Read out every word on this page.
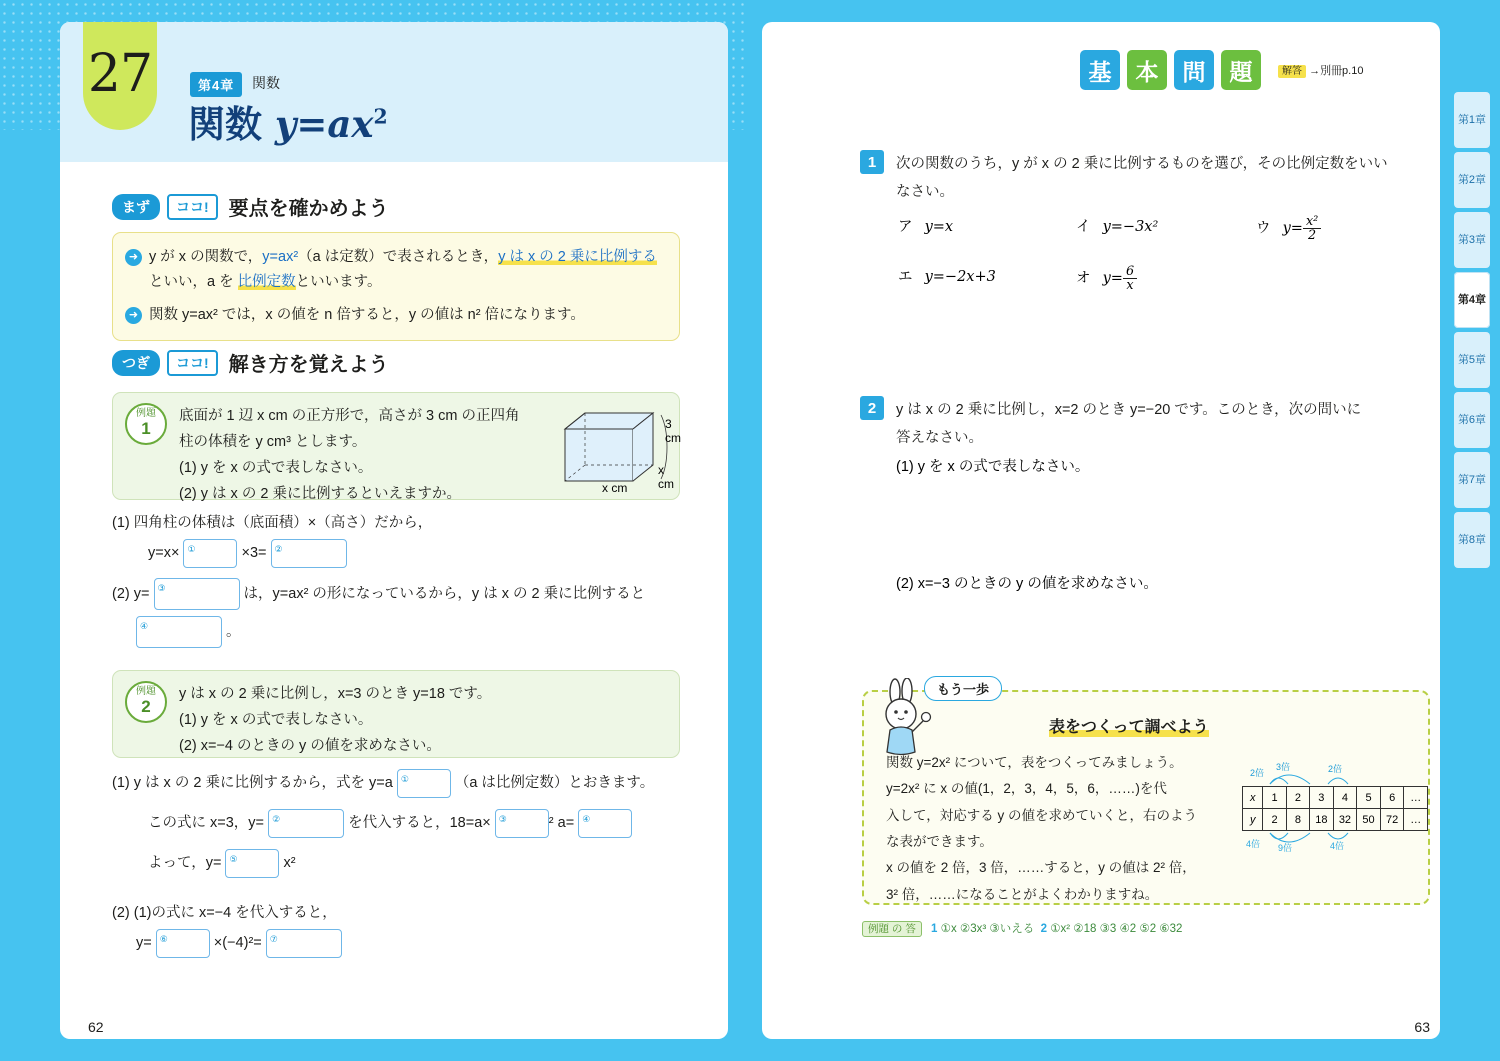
27	第4章	関数
関数 $y=ax^2$
まず	ココ!	要点を確かめよう
➜ y が x の関数で，y=ax²（a は定数）で表されるとき，y は x の 2 乗に比例するといい，a を 比例定数といいます。
➜ 関数 y=ax² では，x の値を n 倍すると，y の値は n² 倍になります。
つぎ	ココ!	解き方を覚えよう
例題
1
底面が 1 辺 x cm の正方形で，高さが 3 cm の正四角
柱の体積を y cm³ とします。
(1) y を x の式で表しなさい。
(2) y は x の 2 乗に比例するといえますか。
3 cm
x cm
x cm
(1) 四角柱の体積は（底面積）×（高さ）だから，
y=x× ①	×3= ②
(2) y= ③	は，y=ax² の形になっているから，y は x の 2 乗に比例すると
④	。
例題
2
y は x の 2 乗に比例し，x=3 のとき y=18 です。
(1) y を x の式で表しなさい。
(2) x=−4 のときの y の値を求めなさい。
(1) y は x の 2 乗に比例するから，式を y=a ①	（a は比例定数）とおきます。
この式に x=3，y= ②	を代入すると，18=a× ③	² a= ④
よって，y= ⑤	x²
(2) (1)の式に x=−4 を代入すると，
y= ⑥	×(−4)²= ⑦
62
基	本	問	題	解答 →別冊p.10
1	次の関数のうち，y が x の 2 乗に比例するものを選び，その比例定数をいい
なさい。
ア y=x	イ y=−3x²	ウ $y= \frac{\text{x²}}{2}$
エ y=−2x+3	オ $y= \frac{6}{x}$
2	y は x の 2 乗に比例し，x=2 のとき y=−20 です。このとき，次の問いに
答えなさい。
(1) y を x の式で表しなさい。
(2) x=−3 のときの y の値を求めなさい。
第1章
第2章
第3章
第4章
第5章
第6章
第7章
第8章
もう一歩
表をつくって調べよう
関数 y=2x² について，表をつくってみましょう。
y=2x² に x の値(1，2，3，4，5，6，……)を代
入して，対応する y の値を求めていくと，右のよう
な表ができます。
x の値を 2 倍，3 倍，……すると，y の値は 2² 倍，
3² 倍，……になることがよくわかりますね。
2倍
3倍	2倍
x	1	2	3	4	5	6	…
y	2	8	18	32	50	72	…
4倍 9倍	4倍
例題 の 答 1 ①x ②3x³ ③いえる 2 ①x² ②18 ③3 ④2 ⑤2 ⑥32
63
